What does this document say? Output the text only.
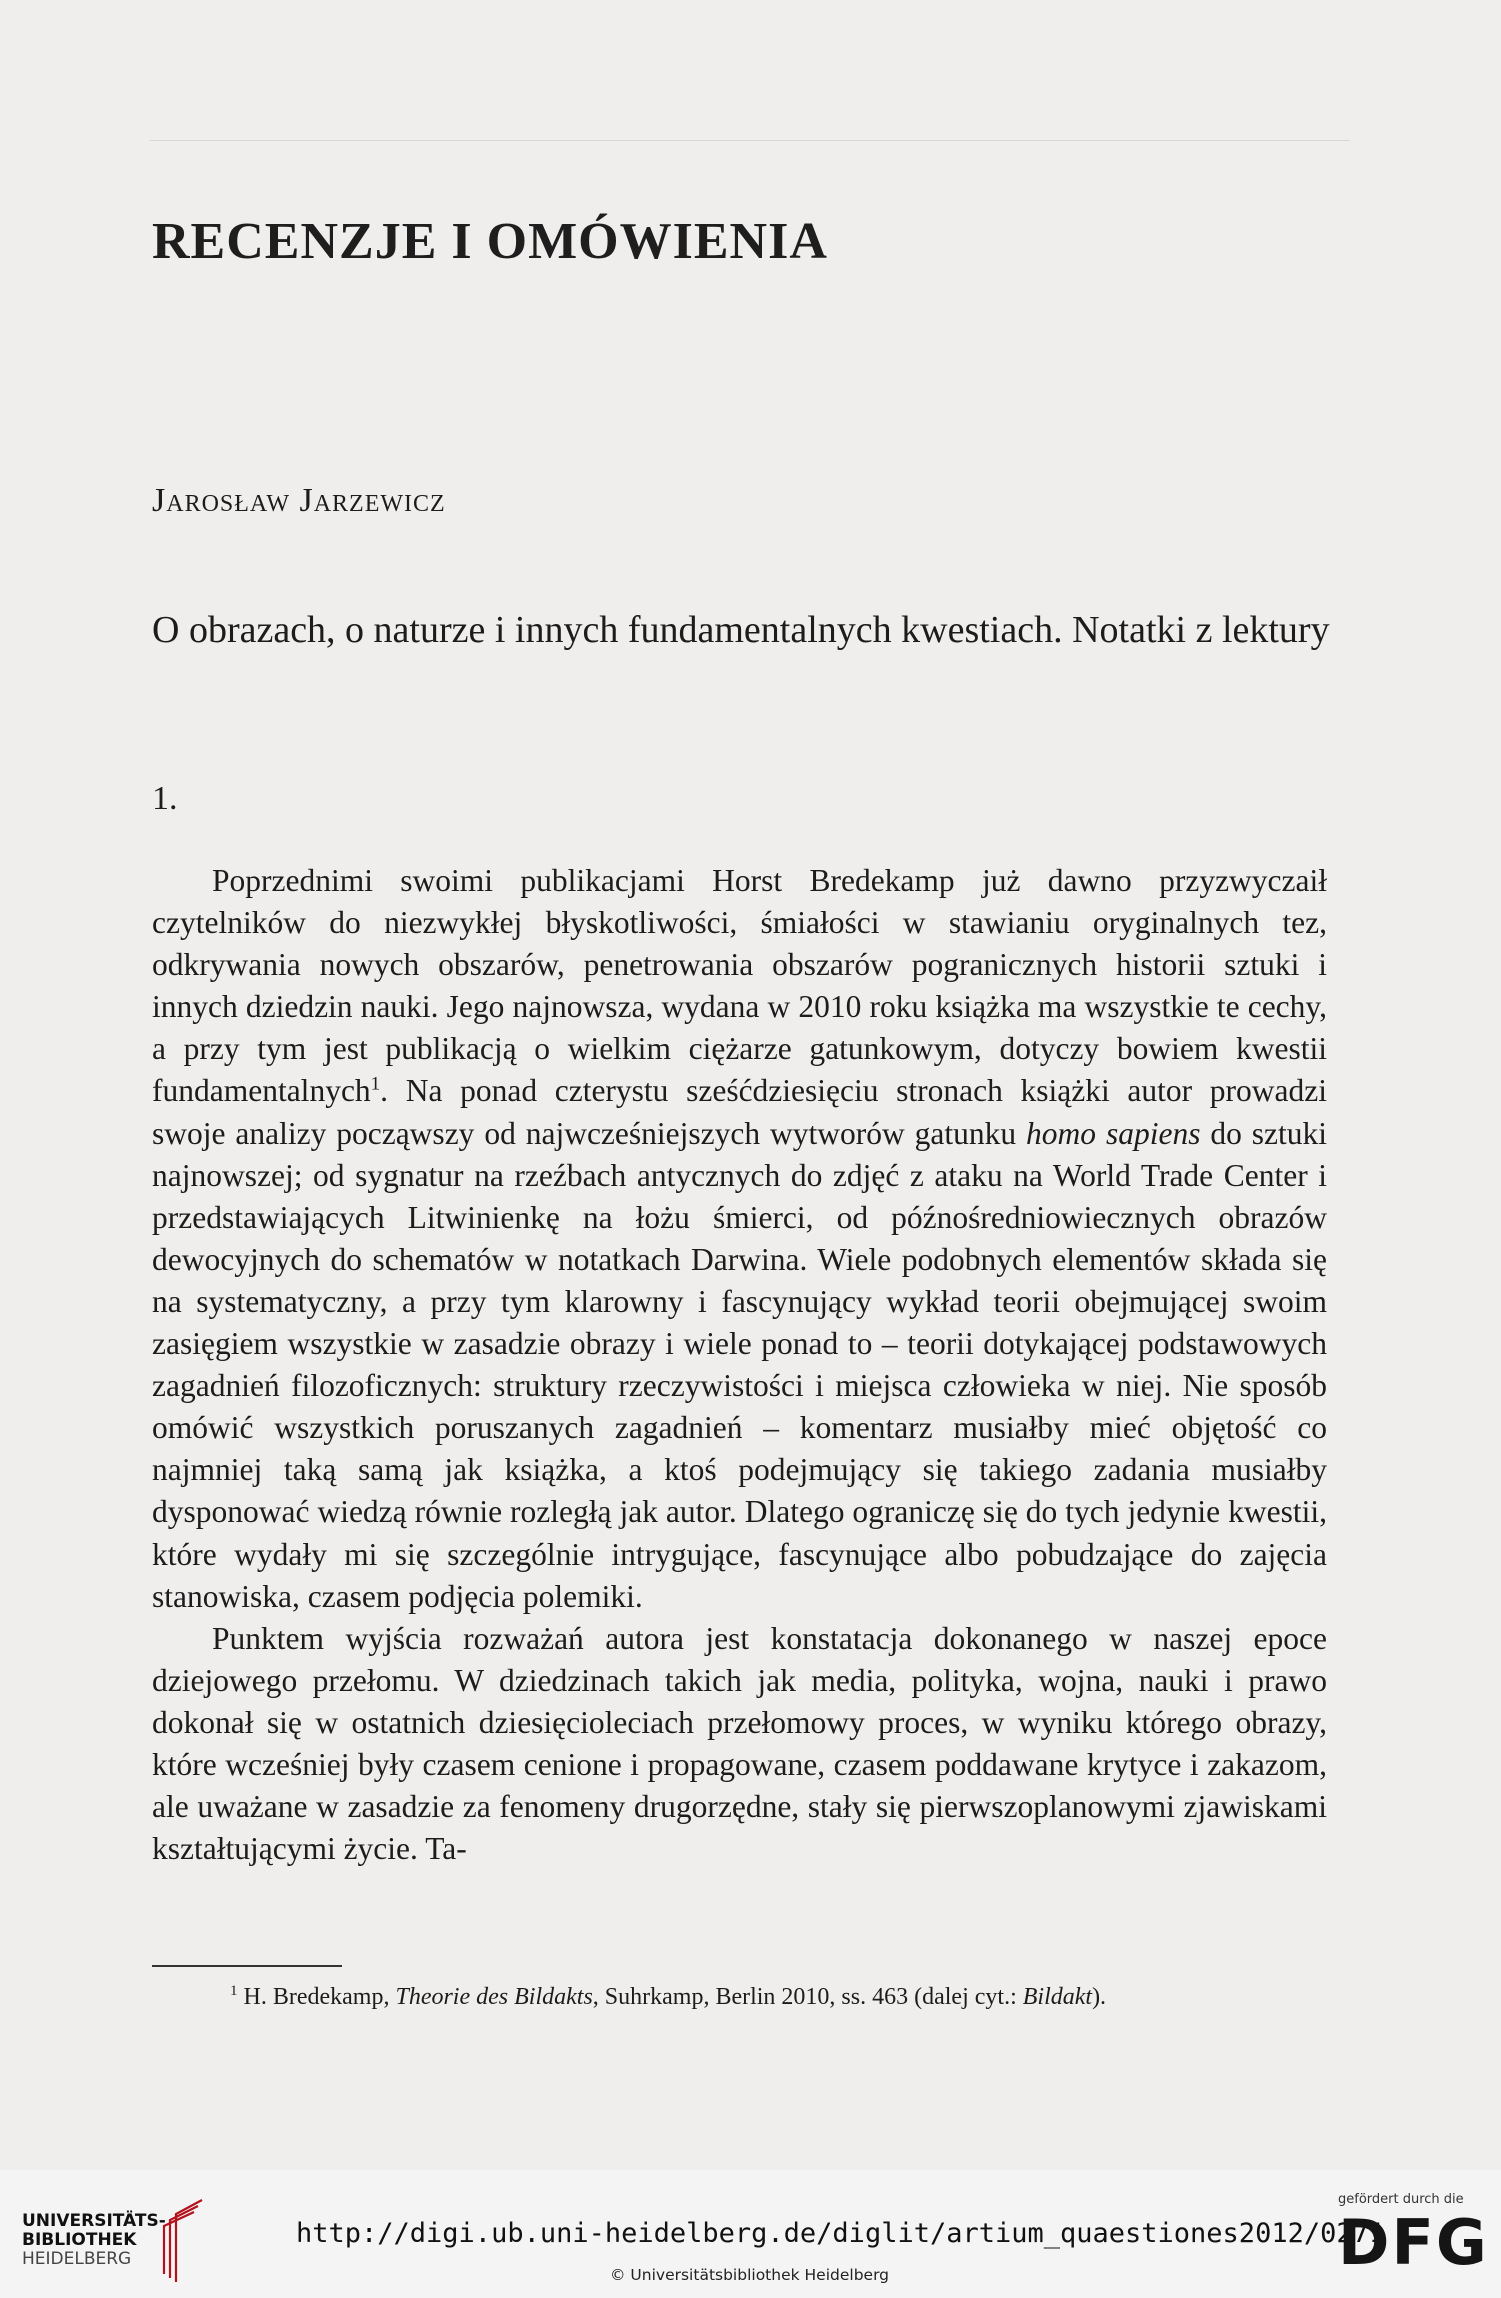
RECENZJE I OMÓWIENIA
Jarosław Jarzewicz
O obrazach, o naturze i innych fundamentalnych kwestiach. Notatki z lektury
1.

Poprzednimi swoimi publikacjami Horst Bredekamp już dawno przyzwyczaił czytelników do niezwykłej błyskotliwości, śmiałości w stawianiu oryginalnych tez, odkrywania nowych obszarów, penetrowania obszarów pogranicznych historii sztuki i innych dziedzin nauki. Jego najnowsza, wydana w 2010 roku książka ma wszystkie te cechy, a przy tym jest publikacją o wielkim ciężarze gatunkowym, dotyczy bowiem kwestii fundamentalnych$^1$. Na ponad czterystu sześćdziesięciu stronach książki autor prowadzi swoje analizy począwszy od najwcześniejszych wytworów gatunku homo sapiens do sztuki najnowszej; od sygnatur na rzeźbach antycznych do zdjęć z ataku na World Trade Center i przedstawiających Litwinienkę na łożu śmierci, od późnośredniowiecznych obrazów dewocyjnych do schematów w notatkach Darwina. Wiele podobnych elementów składa się na systematyczny, a przy tym klarowny i fascynujący wykład teorii obejmującej swoim zasięgiem wszystkie w zasadzie obrazy i wiele ponad to – teorii dotykającej podstawowych zagadnień filozoficznych: struktury rzeczywistości i miejsca człowieka w niej. Nie sposób omówić wszystkich poruszanych zagadnień – komentarz musiałby mieć objętość co najmniej taką samą jak książka, a ktoś podejmujący się takiego zadania musiałby dysponować wiedzą równie rozległą jak autor. Dlatego ograniczę się do tych jedynie kwestii, które wydały mi się szczególnie intrygujące, fascynujące albo pobudzające do zajęcia stanowiska, czasem podjęcia polemiki.

Punktem wyjścia rozważań autora jest konstatacja dokonanego w naszej epoce dziejowego przełomu. W dziedzinach takich jak media, polityka, wojna, nauki i prawo dokonał się w ostatnich dziesięcioleciach przełomowy proces, w wyniku którego obrazy, które wcześniej były czasem cenione i propagowane, czasem poddawane krytyce i zakazom, ale uważane w zasadzie za fenomeny drugorzędne, stały się pierwszoplanowymi zjawiskami kształtującymi życie. Ta-

$^1$ H. Bredekamp, Theorie des Bildakts, Suhrkamp, Berlin 2010, ss. 463 (dalej cyt.: Bildakt).
UNIVERSITÄTS-
BIBLIOTHEK
HEIDELBERG
http://digi.ub.uni-heidelberg.de/diglit/artium_quaestiones2012/0271
© Universitätsbibliothek Heidelberg
gefördert durch die
DFG
